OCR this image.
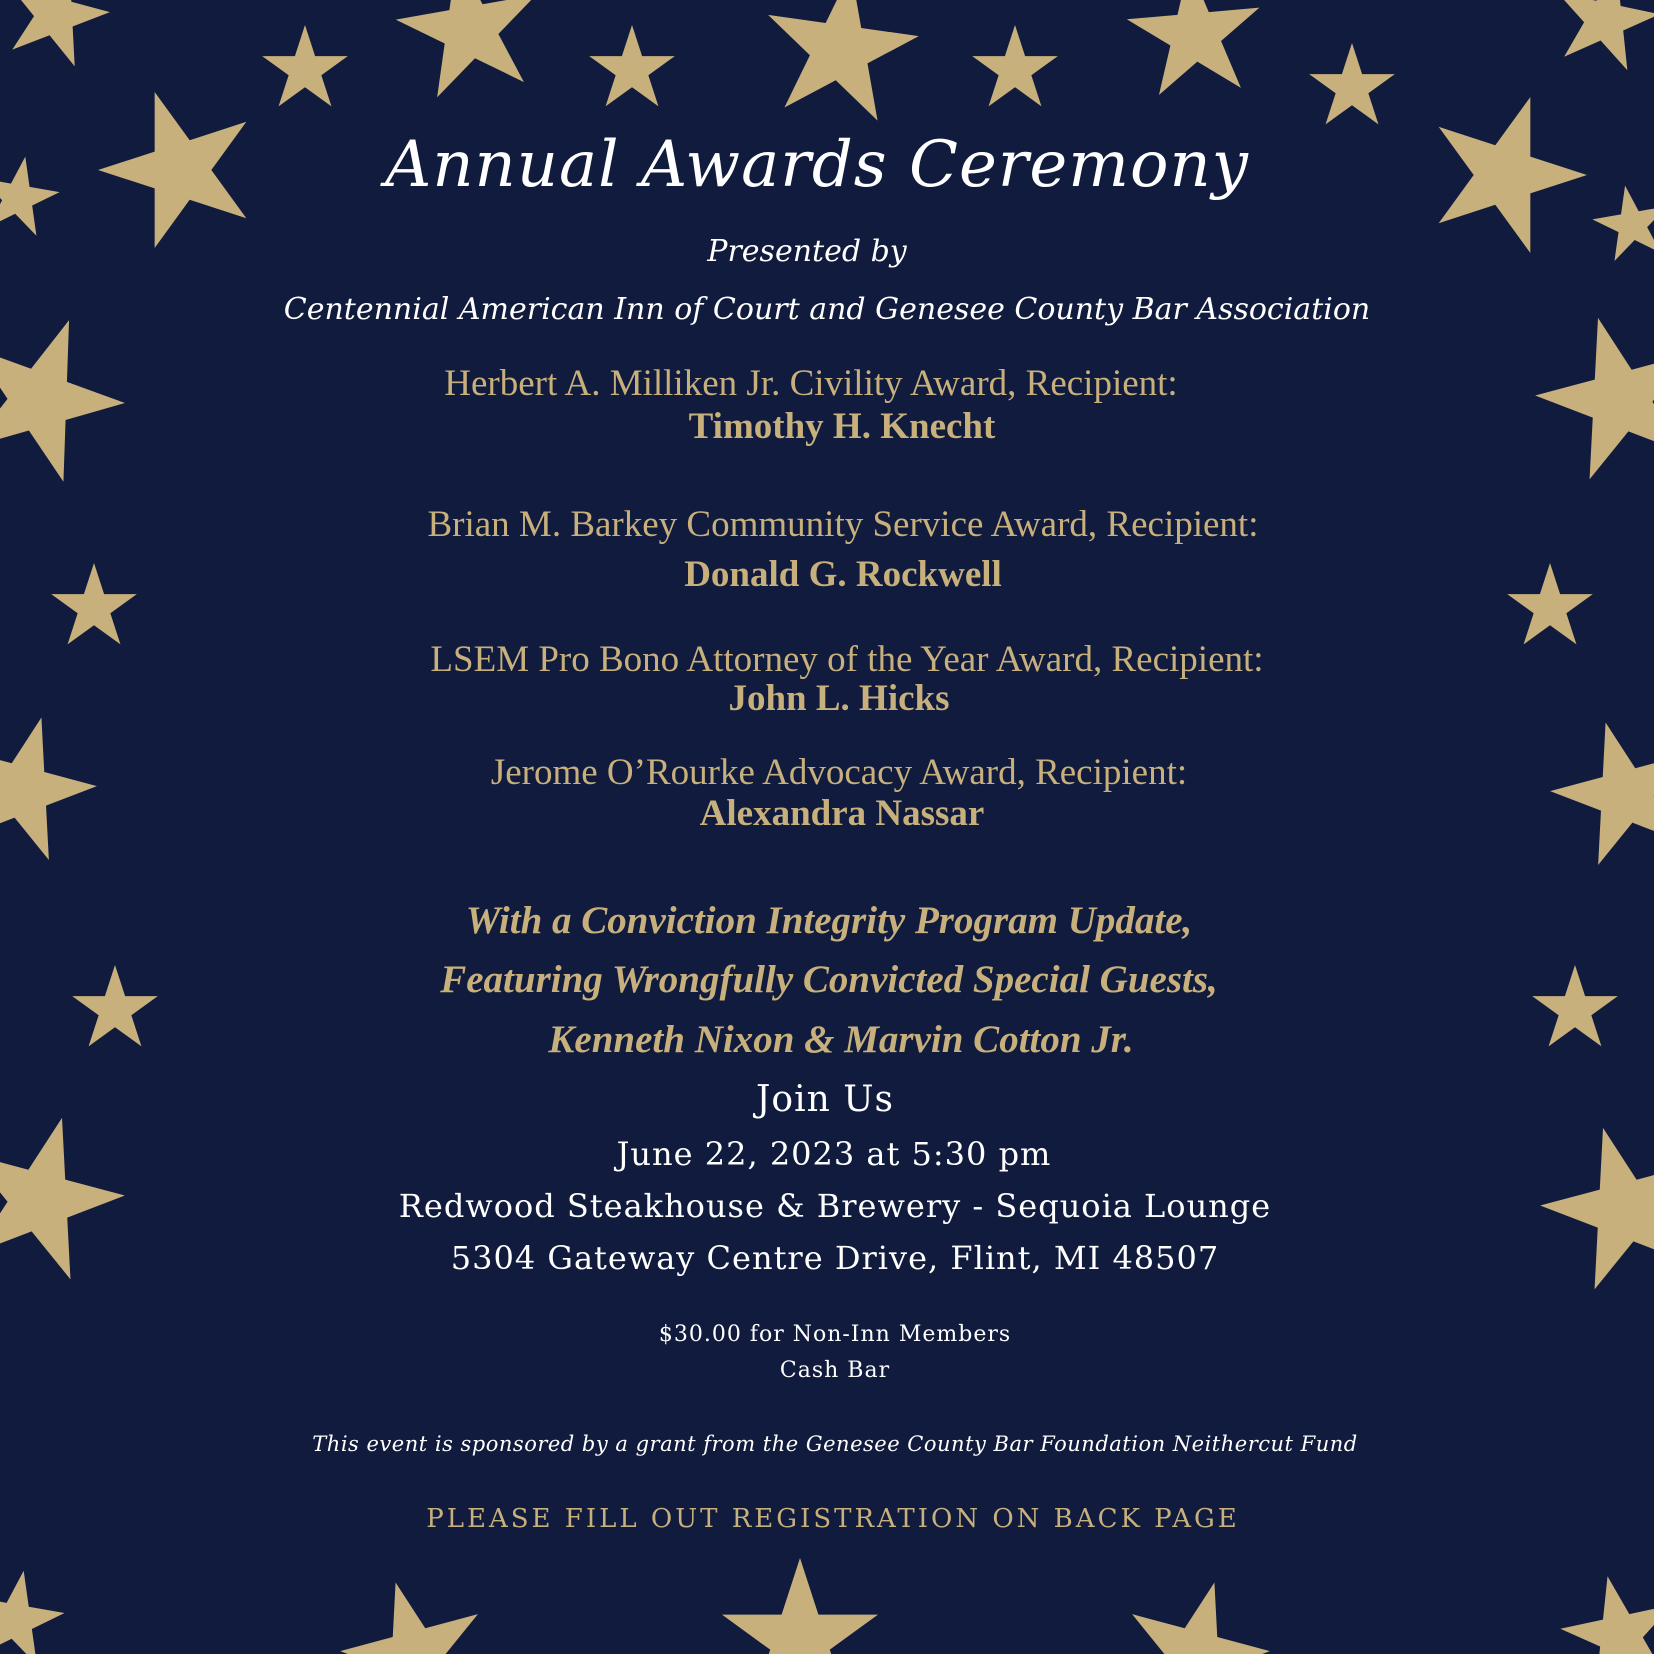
Annual Awards Ceremony
Presented by
Centennial American Inn of Court and Genesee County Bar Association
Herbert A. Milliken Jr. Civility Award, Recipient:
Timothy H. Knecht
Brian M. Barkey Community Service Award, Recipient:
Donald G. Rockwell
LSEM Pro Bono Attorney of the Year Award, Recipient:
John L. Hicks
Jerome O’Rourke Advocacy Award, Recipient:
Alexandra Nassar
With a Conviction Integrity Program Update,
Featuring Wrongfully Convicted Special Guests,
Kenneth Nixon & Marvin Cotton Jr.
Join Us
June 22, 2023 at 5:30 pm
Redwood Steakhouse & Brewery - Sequoia Lounge
5304 Gateway Centre Drive, Flint, MI 48507
$30.00 for Non-Inn Members
Cash Bar
This event is sponsored by a grant from the Genesee County Bar Foundation Neithercut Fund
PLEASE FILL OUT REGISTRATION ON BACK PAGE
